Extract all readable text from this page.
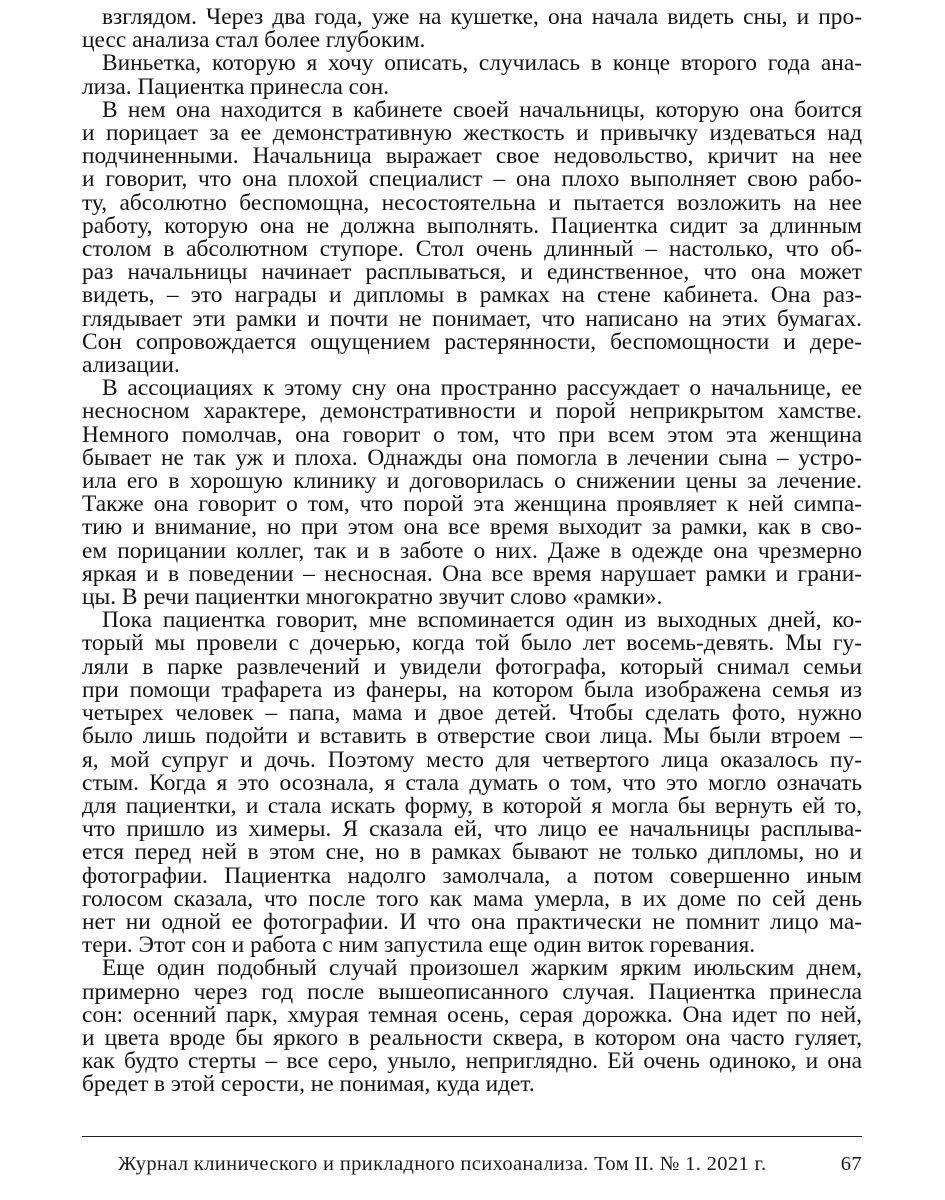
взглядом. Через два года, уже на кушетке, она начала видеть сны, и про-
цесс анализа стал более глубоким.
Виньетка, которую я хочу описать, случилась в конце второго года ана-
лиза. Пациентка принесла сон.
В нем она находится в кабинете своей начальницы, которую она боится
и порицает за ее демонстративную жесткость и привычку издеваться над
подчиненными. Начальница выражает свое недовольство, кричит на нее
и говорит, что она плохой специалист – она плохо выполняет свою рабо-
ту, абсолютно беспомощна, несостоятельна и пытается возложить на нее
работу, которую она не должна выполнять. Пациентка сидит за длинным
столом в абсолютном ступоре. Стол очень длинный – настолько, что об-
раз начальницы начинает расплываться, и единственное, что она может
видеть, – это награды и дипломы в рамках на стене кабинета. Она раз-
глядывает эти рамки и почти не понимает, что написано на этих бумагах.
Сон сопровождается ощущением растерянности, беспомощности и дере-
ализации.
В ассоциациях к этому сну она пространно рассуждает о начальнице, ее
несносном характере, демонстративности и порой неприкрытом хамстве.
Немного помолчав, она говорит о том, что при всем этом эта женщина
бывает не так уж и плоха. Однажды она помогла в лечении сына – устро-
ила его в хорошую клинику и договорилась о снижении цены за лечение.
Также она говорит о том, что порой эта женщина проявляет к ней симпа-
тию и внимание, но при этом она все время выходит за рамки, как в сво-
ем порицании коллег, так и в заботе о них. Даже в одежде она чрезмерно
яркая и в поведении – несносная. Она все время нарушает рамки и грани-
цы. В речи пациентки многократно звучит слово «рамки».
Пока пациентка говорит, мне вспоминается один из выходных дней, ко-
торый мы провели с дочерью, когда той было лет восемь-девять. Мы гу-
ляли в парке развлечений и увидели фотографа, который снимал семьи
при помощи трафарета из фанеры, на котором была изображена семья из
четырех человек – папа, мама и двое детей. Чтобы сделать фото, нужно
было лишь подойти и вставить в отверстие свои лица. Мы были втроем –
я, мой супруг и дочь. Поэтому место для четвертого лица оказалось пу-
стым. Когда я это осознала, я стала думать о том, что это могло означать
для пациентки, и стала искать форму, в которой я могла бы вернуть ей то,
что пришло из химеры. Я сказала ей, что лицо ее начальницы расплыва-
ется перед ней в этом сне, но в рамках бывают не только дипломы, но и
фотографии. Пациентка надолго замолчала, а потом совершенно иным
голосом сказала, что после того как мама умерла, в их доме по сей день
нет ни одной ее фотографии. И что она практически не помнит лицо ма-
тери. Этот сон и работа с ним запустила еще один виток горевания.
Еще один подобный случай произошел жарким ярким июльским днем,
примерно через год после вышеописанного случая. Пациентка принесла
сон: осенний парк, хмурая темная осень, серая дорожка. Она идет по ней,
и цвета вроде бы яркого в реальности сквера, в котором она часто гуляет,
как будто стерты – все серо, уныло, неприглядно. Ей очень одиноко, и она
бредет в этой серости, не понимая, куда идет.
Журнал клинического и прикладного психоанализа. Том II. № 1. 2021 г.	67
